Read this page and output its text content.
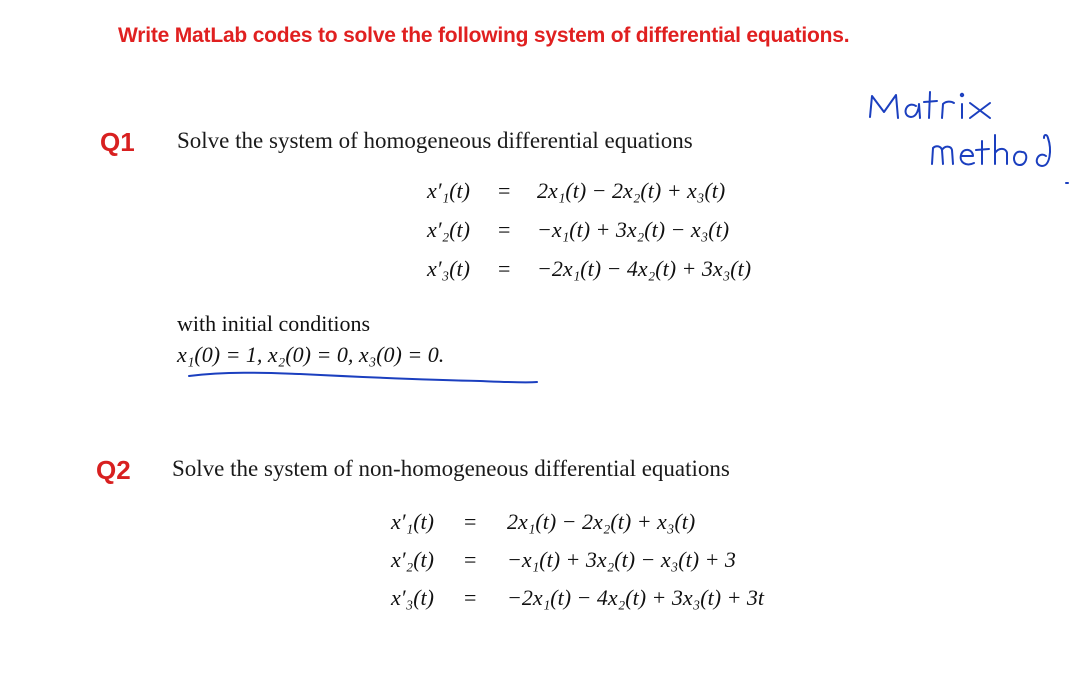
Write MatLab codes to solve the following system of differential equations.
Q1 Solve the system of homogeneous differential equations
x′₁(t) = 2x₁(t) − 2x₂(t) + x₃(t)
x′₂(t) = −x₁(t) + 3x₂(t) − x₃(t)
x′₃(t) = −2x₁(t) − 4x₂(t) + 3x₃(t)
with initial conditions
x₁(0) = 1, x₂(0) = 0, x₃(0) = 0.
Q2 Solve the system of non-homogeneous differential equations
x′₁(t) = 2x₁(t) − 2x₂(t) + x₃(t)
x′₂(t) = −x₁(t) + 3x₂(t) − x₃(t) + 3
x′₃(t) = −2x₁(t) − 4x₂(t) + 3x₃(t) + 3t
